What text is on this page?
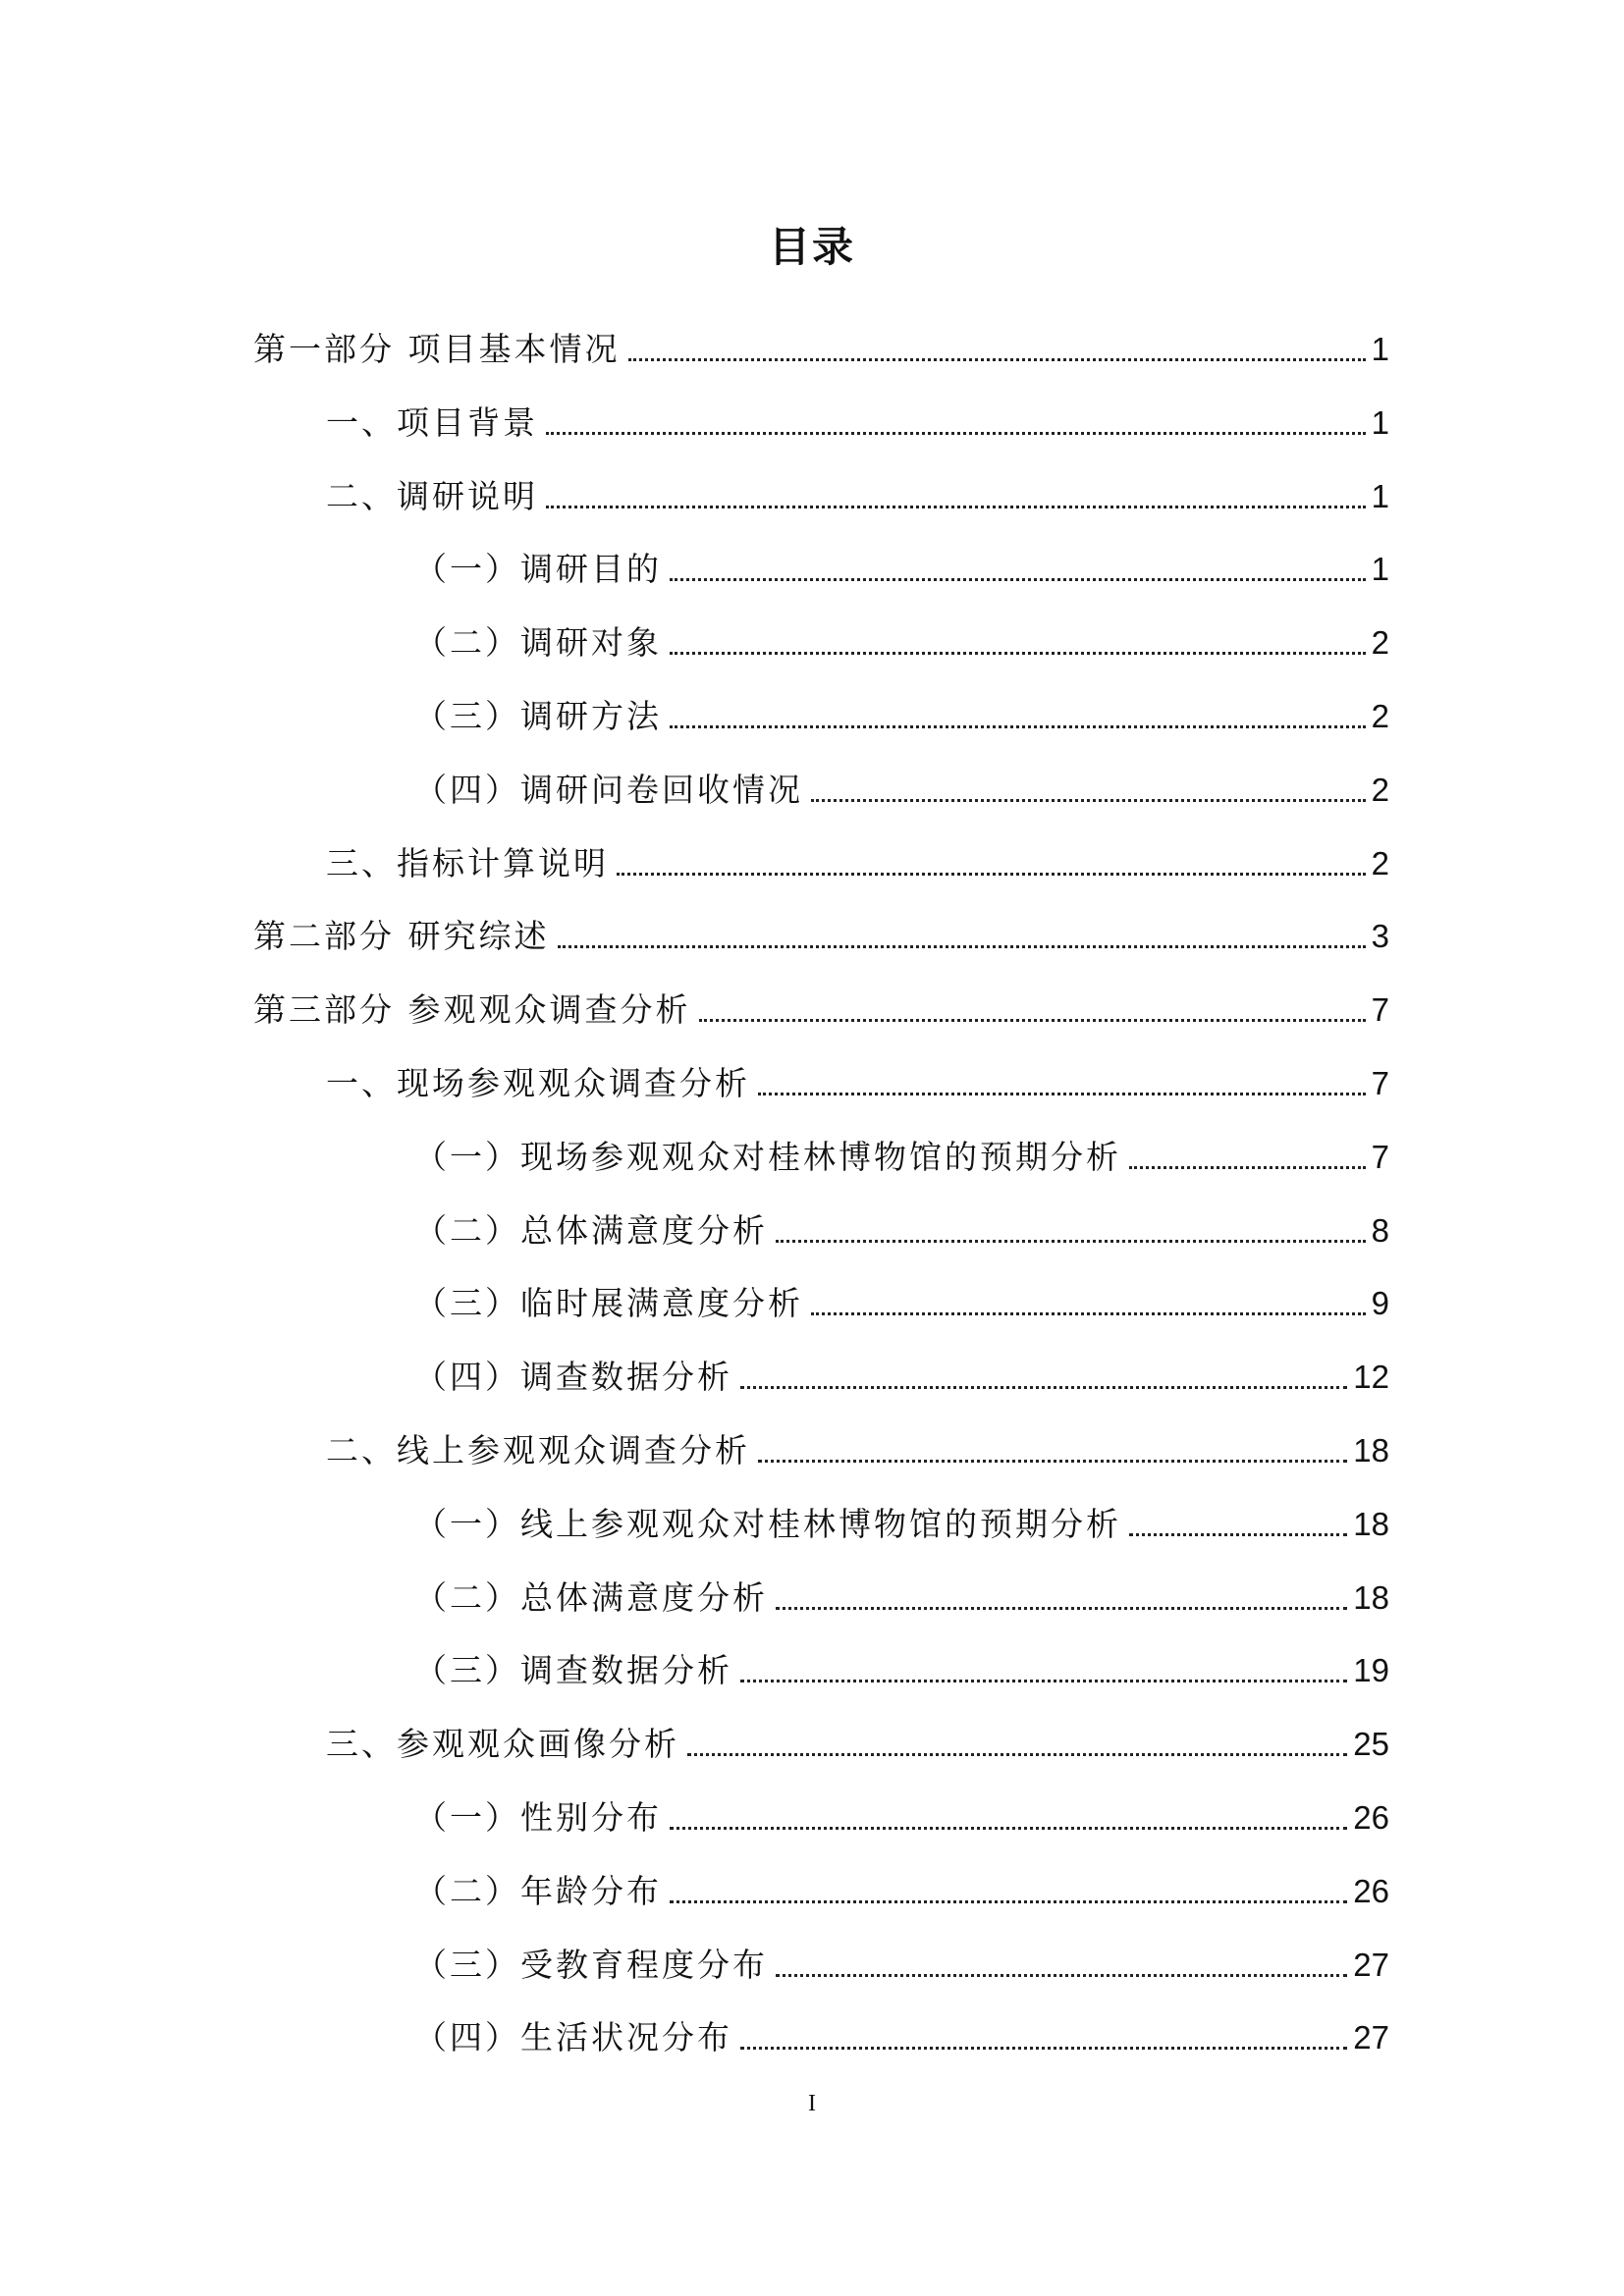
目录
第一部分 项目基本情况	1
一、项目背景	1
二、调研说明	1
（一）调研目的	1
（二）调研对象	2
（三）调研方法	2
（四）调研问卷回收情况	2
三、指标计算说明	2
第二部分 研究综述	3
第三部分 参观观众调查分析	7
一、现场参观观众调查分析	7
（一）现场参观观众对桂林博物馆的预期分析	7
（二）总体满意度分析	8
（三）临时展满意度分析	9
（四）调查数据分析	12
二、线上参观观众调查分析	18
（一）线上参观观众对桂林博物馆的预期分析	18
（二）总体满意度分析	18
（三）调查数据分析	19
三、参观观众画像分析	25
（一）性别分布	26
（二）年龄分布	26
（三）受教育程度分布	27
（四）生活状况分布	27
I
